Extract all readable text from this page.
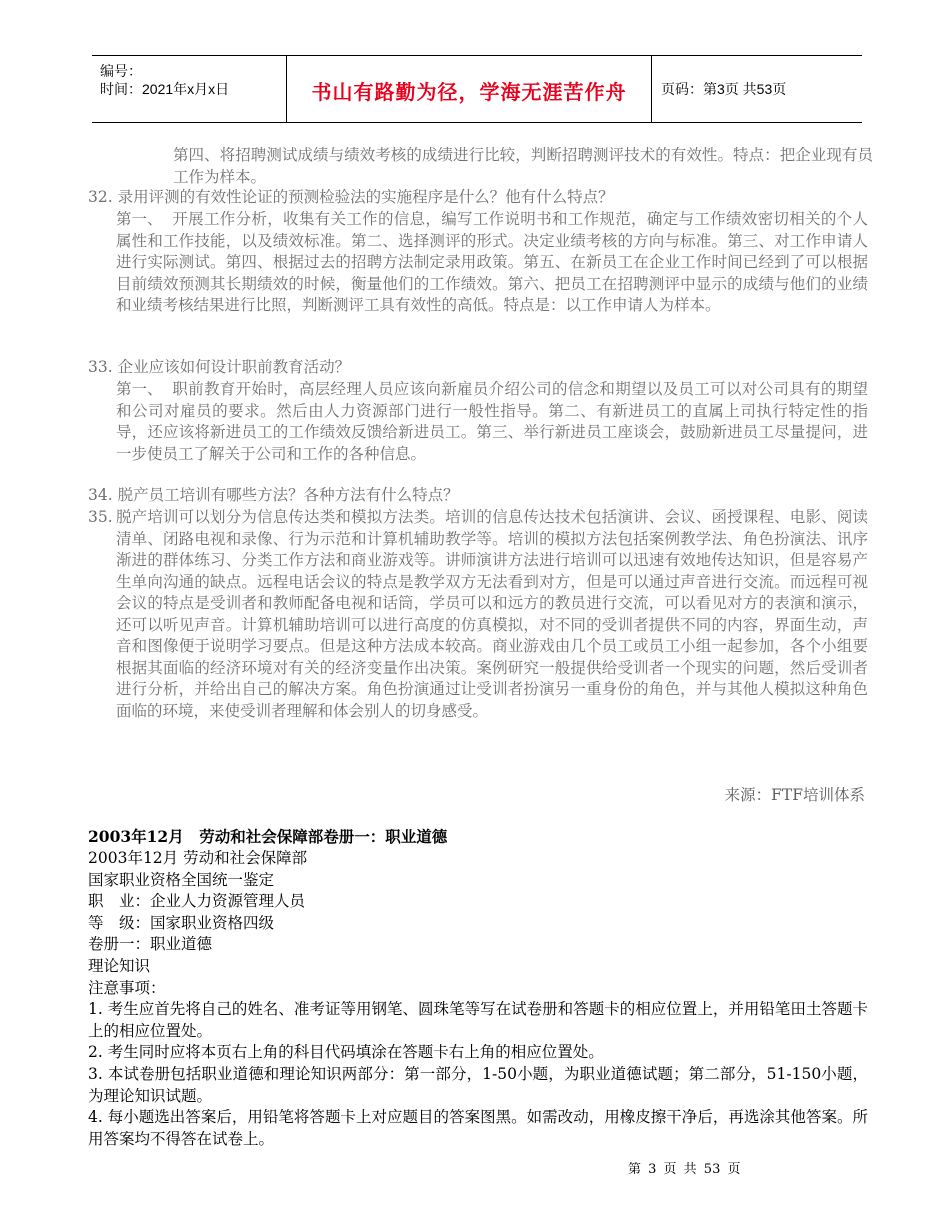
编号：
时间：2021年x月x日	书山有路勤为径，学海无涯苦作舟	页码：第3页 共53页
第四、将招聘测试成绩与绩效考核的成绩进行比较，判断招聘测评技术的有效性。特点：把企业现有员工作为样本。
32. 录用评测的有效性论证的预测检验法的实施程序是什么？他有什么特点？
第一、 开展工作分析，收集有关工作的信息，编写工作说明书和工作规范，确定与工作绩效密切相关的个人属性和工作技能，以及绩效标准。第二、选择测评的形式。决定业绩考核的方向与标准。第三、对工作申请人进行实际测试。第四、根据过去的招聘方法制定录用政策。第五、在新员工在企业工作时间已经到了可以根据目前绩效预测其长期绩效的时候，衡量他们的工作绩效。第六、把员工在招聘测评中显示的成绩与他们的业绩和业绩考核结果进行比照，判断测评工具有效性的高低。特点是：以工作申请人为样本。
33. 企业应该如何设计职前教育活动？
第一、 职前教育开始时，高层经理人员应该向新雇员介绍公司的信念和期望以及员工可以对公司具有的期望和公司对雇员的要求。然后由人力资源部门进行一般性指导。第二、有新进员工的直属上司执行特定性的指导，还应该将新进员工的工作绩效反馈给新进员工。第三、举行新进员工座谈会，鼓励新进员工尽量提问，进一步使员工了解关于公司和工作的各种信息。
34. 脱产员工培训有哪些方法？各种方法有什么特点？
35. 脱产培训可以划分为信息传达类和模拟方法类。培训的信息传达技术包括演讲、会议、函授课程、电影、阅读清单、闭路电视和录像、行为示范和计算机辅助教学等。培训的模拟方法包括案例教学法、角色扮演法、讯序渐进的群体练习、分类工作方法和商业游戏等。讲师演讲方法进行培训可以迅速有效地传达知识，但是容易产生单向沟通的缺点。远程电话会议的特点是教学双方无法看到对方，但是可以通过声音进行交流。而远程可视会议的特点是受训者和教师配备电视和话筒，学员可以和远方的教员进行交流，可以看见对方的表演和演示，还可以听见声音。计算机辅助培训可以进行高度的仿真模拟，对不同的受训者提供不同的内容，界面生动，声音和图像便于说明学习要点。但是这种方法成本较高。商业游戏由几个员工或员工小组一起参加，各个小组要根据其面临的经济环境对有关的经济变量作出决策。案例研究一般提供给受训者一个现实的问题，然后受训者进行分析，并给出自己的解决方案。角色扮演通过让受训者扮演另一重身份的角色，并与其他人模拟这种角色面临的环境，来使受训者理解和体会别人的切身感受。
来源：FTF培训体系
2003年12月　劳动和社会保障部卷册一：职业道德
2003年12月 劳动和社会保障部
国家职业资格全国统一鉴定
职　业：企业人力资源管理人员
等　级：国家职业资格四级
卷册一：职业道德
理论知识
注意事项：
1. 考生应首先将自己的姓名、准考证等用钢笔、圆珠笔等写在试卷册和答题卡的相应位置上，并用铅笔田土答题卡上的相应位置处。
2. 考生同时应将本页右上角的科目代码填涂在答题卡右上角的相应位置处。
3. 本试卷册包括职业道德和理论知识两部分：第一部分，1-50小题，为职业道德试题；第二部分，51-150小题，为理论知识试题。
4. 每小题选出答案后，用铅笔将答题卡上对应题目的答案图黑。如需改动，用橡皮擦干净后，再选涂其他答案。所用答案均不得答在试卷上。
第 3 页 共 53 页
